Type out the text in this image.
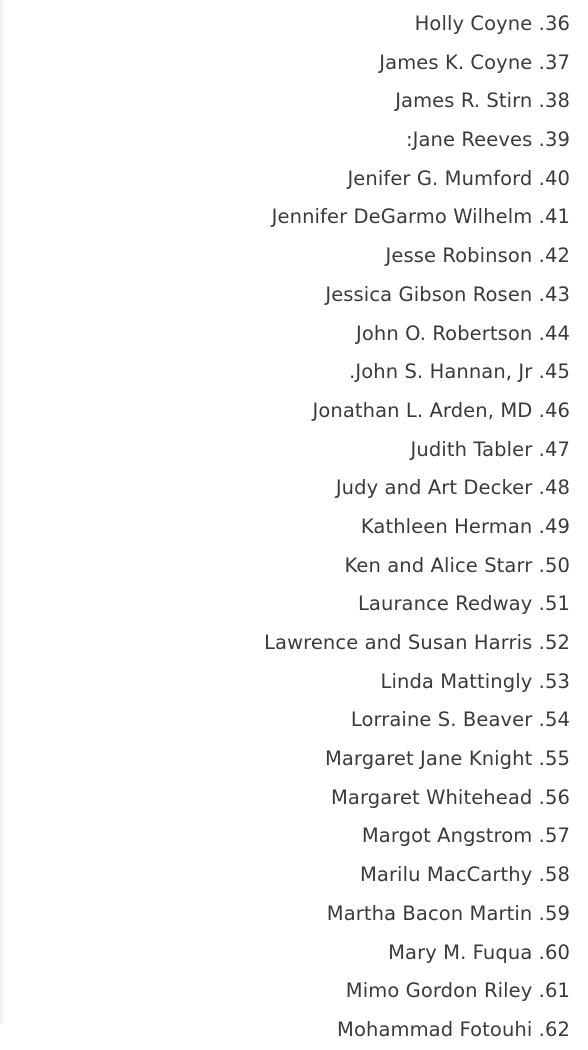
36. Holly Coyne
37. James K. Coyne
38. James R. Stirn
39. Jane Reeves:
40. Jenifer G. Mumford
41. Jennifer DeGarmo Wilhelm
42. Jesse Robinson
43. Jessica Gibson Rosen
44. John O. Robertson
45. John S. Hannan, Jr.
46. Jonathan L. Arden, MD
47. Judith Tabler
48. Judy and Art Decker
49. Kathleen Herman
50. Ken and Alice Starr
51. Laurance Redway
52. Lawrence and Susan Harris
53. Linda Mattingly
54. Lorraine S. Beaver
55. Margaret Jane Knight
56. Margaret Whitehead
57. Margot Angstrom
58. Marilu MacCarthy
59. Martha Bacon Martin
60. Mary M. Fuqua
61. Mimo Gordon Riley
62. Mohammad Fotouhi
